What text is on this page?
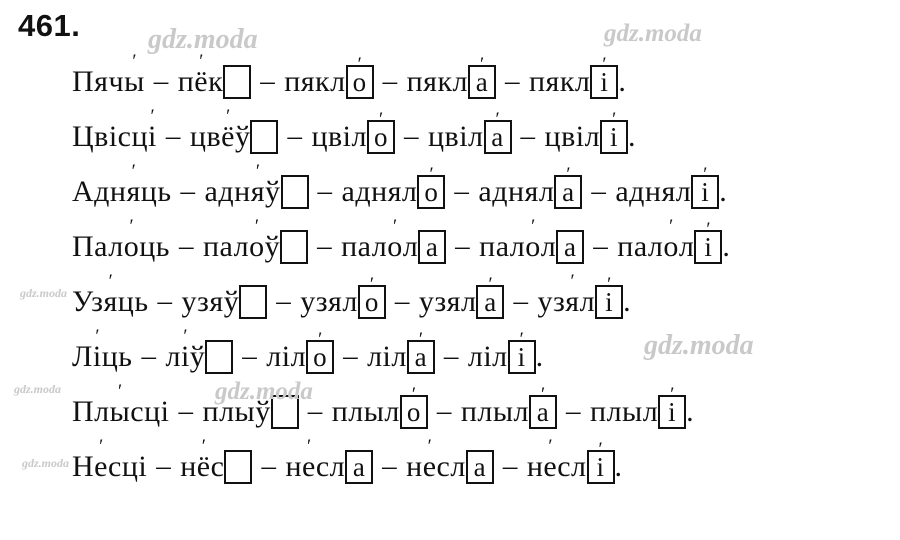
461.
Пячы ′ – пё ′к	– пякл о ′ – пякл а ′ – пякл і ′ .
Цвісці ′ – цвё ′ў	– цвіл о ′ – цвіл а ′ – цвіл і ′ .
Адня ′ць – адня ′ў	– аднял о ′ – аднял а ′ – аднял і ′ .
Пало ′ць – пало ′ў	– пало ′л а – пало ′л а – пало ′л і ′ .
Узя ′ць – узяў	– узял о ′ – узял а ′ – узя ′л і ′ .
Лі ′ць – лі ′ў	– ліл о ′ – ліл а ′ – ліл і ′ .
Плы ′сці – плыў	– плыл о ′ – плыл а ′ – плыл і ′ .
Не ′сці – нё ′с	– не ′сл а – не ′сл а – не ′сл і ′ .
gdz.moda	gdz.moda
gdz.moda
gdz.moda	gdz.moda
gdz.moda
gdz.moda
